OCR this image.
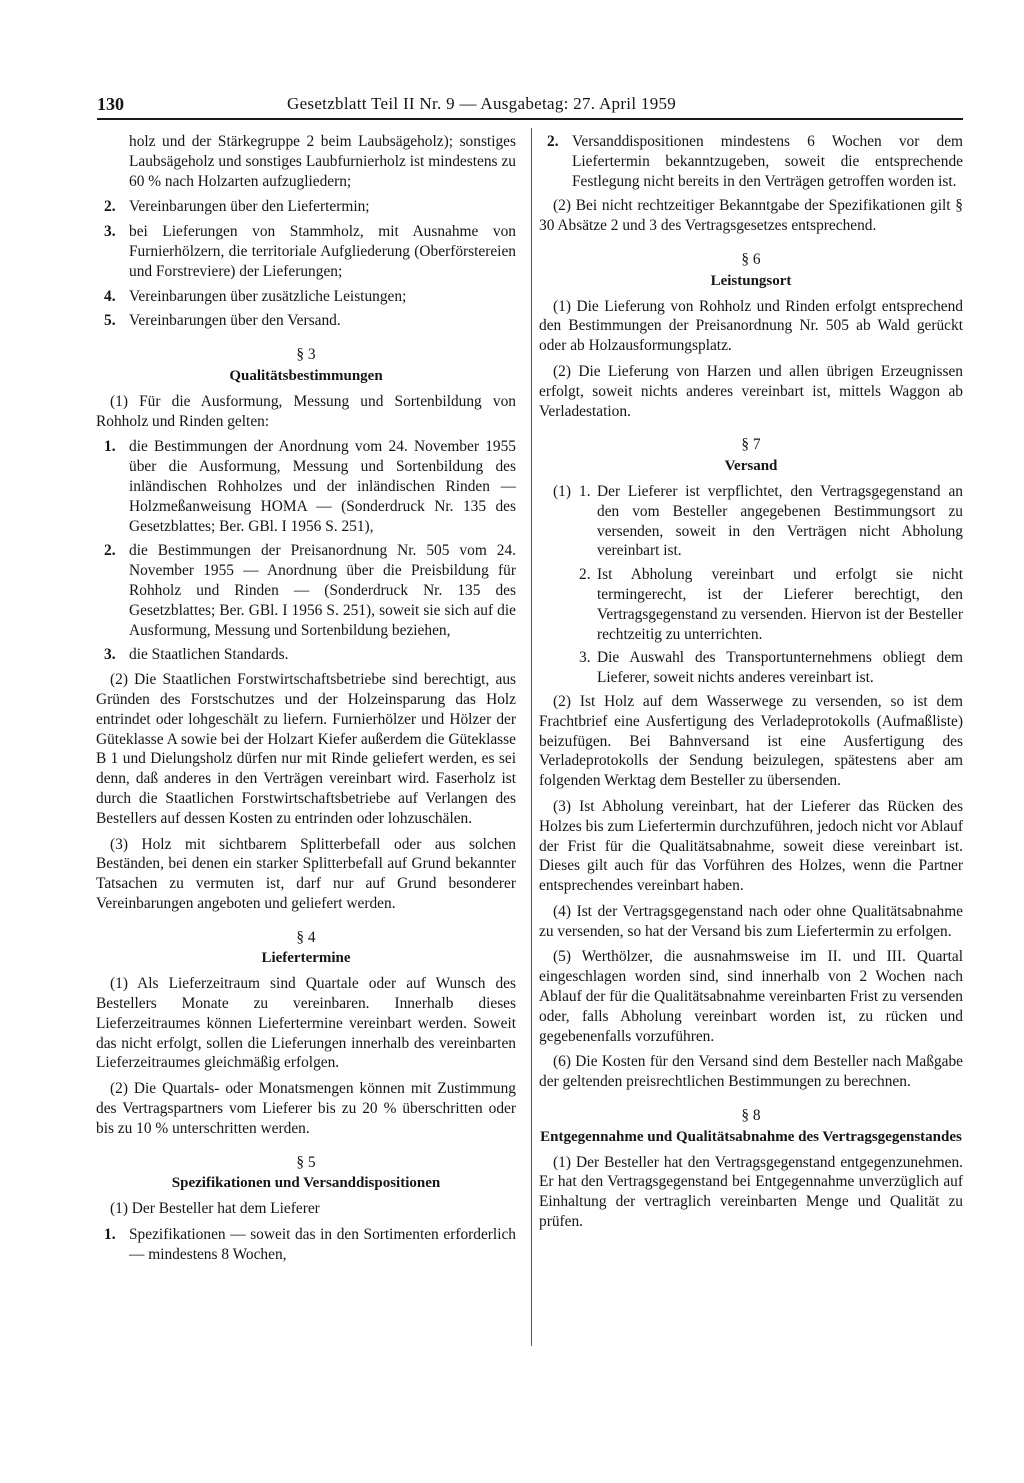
130	Gesetzblatt Teil II Nr. 9 — Ausgabetag: 27. April 1959

holz und der Stärkegruppe 2 beim Laubsägeholz); sonstiges Laubsägeholz und sonstiges Laubfurnierholz ist mindestens zu 60 % nach Holzarten aufzugliedern;

2. Vereinbarungen über den Liefertermin;
3. bei Lieferungen von Stammholz, mit Ausnahme von Furnierhölzern, die territoriale Aufgliederung (Oberförstereien und Forstreviere) der Lieferungen;
4. Vereinbarungen über zusätzliche Leistungen;
5. Vereinbarungen über den Versand.

§ 3

Qualitätsbestimmungen

(1) Für die Ausformung, Messung und Sortenbildung von Rohholz und Rinden gelten:

1. die Bestimmungen der Anordnung vom 24. November 1955 über die Ausformung, Messung und Sortenbildung des inländischen Rohholzes und der inländischen Rinden — Holzmeßanweisung HOMA — (Sonderdruck Nr. 135 des Gesetzblattes; Ber. GBl. I 1956 S. 251),
2. die Bestimmungen der Preisanordnung Nr. 505 vom 24. November 1955 — Anordnung über die Preisbildung für Rohholz und Rinden — (Sonderdruck Nr. 135 des Gesetzblattes; Ber. GBl. I 1956 S. 251), soweit sie sich auf die Ausformung, Messung und Sortenbildung beziehen,
3. die Staatlichen Standards.

(2) Die Staatlichen Forstwirtschaftsbetriebe sind berechtigt, aus Gründen des Forstschutzes und der Holzeinsparung das Holz entrindet oder lohgeschält zu liefern. Furnierhölzer und Hölzer der Güteklasse A sowie bei der Holzart Kiefer außerdem die Güteklasse B 1 und Dielungsholz dürfen nur mit Rinde geliefert werden, es sei denn, daß anderes in den Verträgen vereinbart wird. Faserholz ist durch die Staatlichen Forstwirtschaftsbetriebe auf Verlangen des Bestellers auf dessen Kosten zu entrinden oder lohzuschälen.

(3) Holz mit sichtbarem Splitterbefall oder aus solchen Beständen, bei denen ein starker Splitterbefall auf Grund bekannter Tatsachen zu vermuten ist, darf nur auf Grund besonderer Vereinbarungen angeboten und geliefert werden.

§ 4

Liefertermine

(1) Als Lieferzeitraum sind Quartale oder auf Wunsch des Bestellers Monate zu vereinbaren. Innerhalb dieses Lieferzeitraumes können Liefertermine vereinbart werden. Soweit das nicht erfolgt, sollen die Lieferungen innerhalb des vereinbarten Lieferzeitraumes gleichmäßig erfolgen.

(2) Die Quartals- oder Monatsmengen können mit Zustimmung des Vertragspartners vom Lieferer bis zu 20 % überschritten oder bis zu 10 % unterschritten werden.

§ 5

Spezifikationen und Versanddispositionen

(1) Der Besteller hat dem Lieferer

1. Spezifikationen — soweit das in den Sortimenten erforderlich — mindestens 8 Wochen,
2. Versanddispositionen mindestens 6 Wochen vor dem Liefertermin bekanntzugeben, soweit die entsprechende Festlegung nicht bereits in den Verträgen getroffen worden ist.

(2) Bei nicht rechtzeitiger Bekanntgabe der Spezifikationen gilt § 30 Absätze 2 und 3 des Vertragsgesetzes entsprechend.

§ 6

Leistungsort

(1) Die Lieferung von Rohholz und Rinden erfolgt entsprechend den Bestimmungen der Preisanordnung Nr. 505 ab Wald gerückt oder ab Holzausformungsplatz.

(2) Die Lieferung von Harzen und allen übrigen Erzeugnissen erfolgt, soweit nichts anderes vereinbart ist, mittels Waggon ab Verladestation.

§ 7

Versand

(1) 1. Der Lieferer ist verpflichtet, den Vertragsgegenstand an den vom Besteller angegebenen Bestimmungsort zu versenden, soweit in den Verträgen nicht Abholung vereinbart ist.
2. Ist Abholung vereinbart und erfolgt sie nicht termingerecht, ist der Lieferer berechtigt, den Vertragsgegenstand zu versenden. Hiervon ist der Besteller rechtzeitig zu unterrichten.
3. Die Auswahl des Transportunternehmens obliegt dem Lieferer, soweit nichts anderes vereinbart ist.

(2) Ist Holz auf dem Wasserwege zu versenden, so ist dem Frachtbrief eine Ausfertigung des Verladeprotokolls (Aufmaßliste) beizufügen. Bei Bahnversand ist eine Ausfertigung des Verladeprotokolls der Sendung beizulegen, spätestens aber am folgenden Werktag dem Besteller zu übersenden.

(3) Ist Abholung vereinbart, hat der Lieferer das Rücken des Holzes bis zum Liefertermin durchzuführen, jedoch nicht vor Ablauf der Frist für die Qualitätsabnahme, soweit diese vereinbart ist. Dieses gilt auch für das Vorführen des Holzes, wenn die Partner entsprechendes vereinbart haben.

(4) Ist der Vertragsgegenstand nach oder ohne Qualitätsabnahme zu versenden, so hat der Versand bis zum Liefertermin zu erfolgen.

(5) Werthölzer, die ausnahmsweise im II. und III. Quartal eingeschlagen worden sind, sind innerhalb von 2 Wochen nach Ablauf der für die Qualitätsabnahme vereinbarten Frist zu versenden oder, falls Abholung vereinbart worden ist, zu rücken und gegebenenfalls vorzuführen.

(6) Die Kosten für den Versand sind dem Besteller nach Maßgabe der geltenden preisrechtlichen Bestimmungen zu berechnen.

§ 8

Entgegennahme und Qualitätsabnahme des Vertragsgegenstandes

(1) Der Besteller hat den Vertragsgegenstand entgegenzunehmen. Er hat den Vertragsgegenstand bei Entgegennahme unverzüglich auf Einhaltung der vertraglich vereinbarten Menge und Qualität zu prüfen.
